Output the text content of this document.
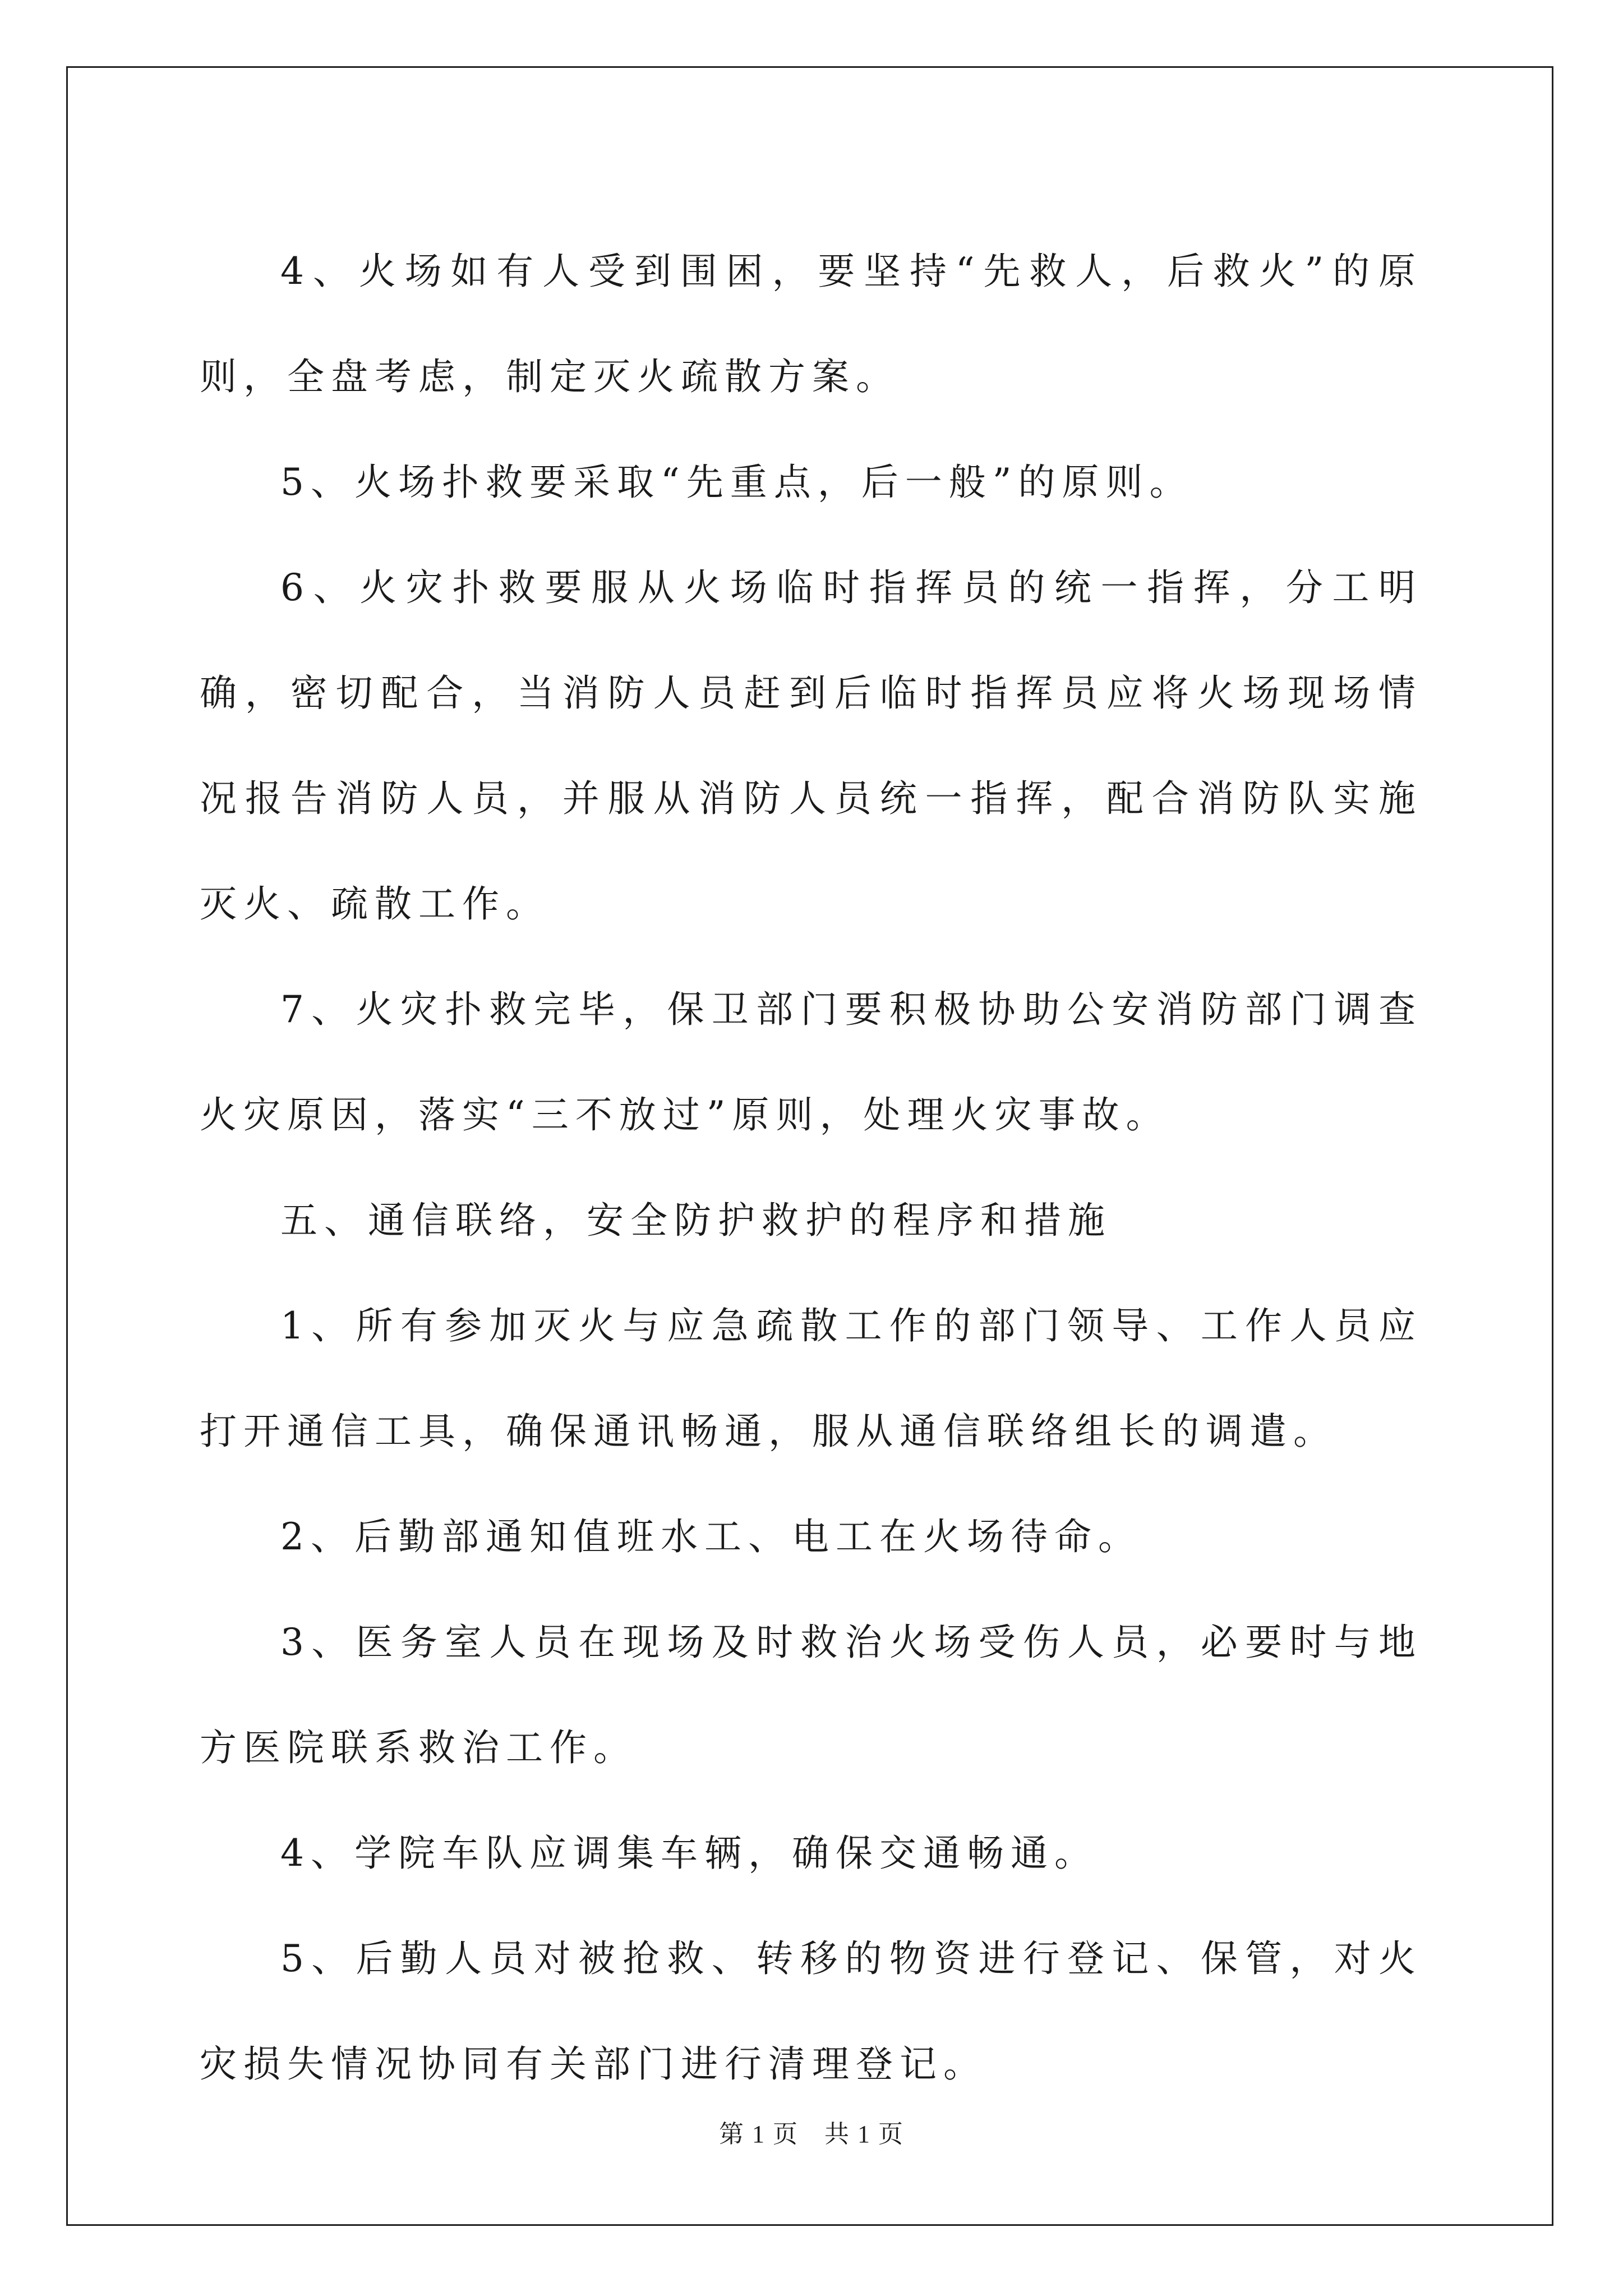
4、火场如有人受到围困，要坚持“先救人，后救火”的原则，全盘考虑，制定灭火疏散方案。

5、火场扑救要采取“先重点，后一般”的原则。

6、火灾扑救要服从火场临时指挥员的统一指挥，分工明确，密切配合，当消防人员赶到后临时指挥员应将火场现场情况报告消防人员，并服从消防人员统一指挥，配合消防队实施灭火、疏散工作。

7、火灾扑救完毕，保卫部门要积极协助公安消防部门调查火灾原因，落实“三不放过”原则，处理火灾事故。

五、通信联络，安全防护救护的程序和措施

1、所有参加灭火与应急疏散工作的部门领导、工作人员应打开通信工具，确保通讯畅通，服从通信联络组长的调遣。

2、后勤部通知值班水工、电工在火场待命。

3、医务室人员在现场及时救治火场受伤人员，必要时与地方医院联系救治工作。

4、学院车队应调集车辆，确保交通畅通。

5、后勤人员对被抢救、转移的物资进行登记、保管，对火灾损失情况协同有关部门进行清理登记。

第 1 页　共 1 页
